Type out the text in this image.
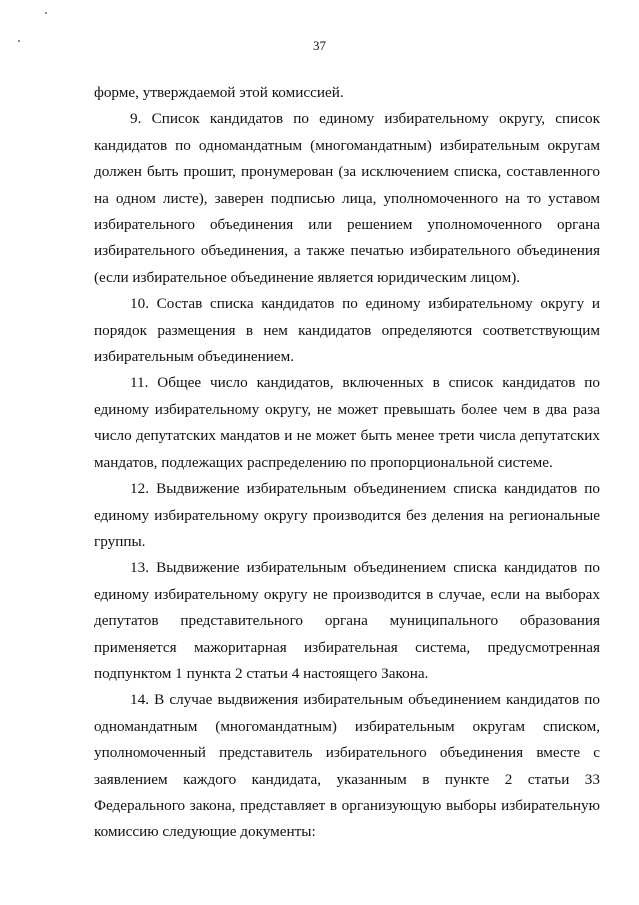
37

форме, утверждаемой этой комиссией.

9. Список кандидатов по единому избирательному округу, список кандидатов по одномандатным (многомандатным) избирательным округам должен быть прошит, пронумерован (за исключением списка, составленного на одном листе), заверен подписью лица, уполномоченного на то уставом избирательного объединения или решением уполномоченного органа избирательного объединения, а также печатью избирательного объединения (если избирательное объединение является юридическим лицом).

10. Состав списка кандидатов по единому избирательному округу и порядок размещения в нем кандидатов определяются соответствующим избирательным объединением.

11. Общее число кандидатов, включенных в список кандидатов по единому избирательному округу, не может превышать более чем в два раза число депутатских мандатов и не может быть менее трети числа депутатских мандатов, подлежащих распределению по пропорциональной системе.

12. Выдвижение избирательным объединением списка кандидатов по единому избирательному округу производится без деления на региональные группы.

13. Выдвижение избирательным объединением списка кандидатов по единому избирательному округу не производится в случае, если на выборах депутатов представительного органа муниципального образования применяется мажоритарная избирательная система, предусмотренная подпунктом 1 пункта 2 статьи 4 настоящего Закона.

14. В случае выдвижения избирательным объединением кандидатов по одномандатным (многомандатным) избирательным округам списком, уполномоченный представитель избирательного объединения вместе с заявлением каждого кандидата, указанным в пункте 2 статьи 33 Федерального закона, представляет в организующую выборы избирательную комиссию следующие документы:
